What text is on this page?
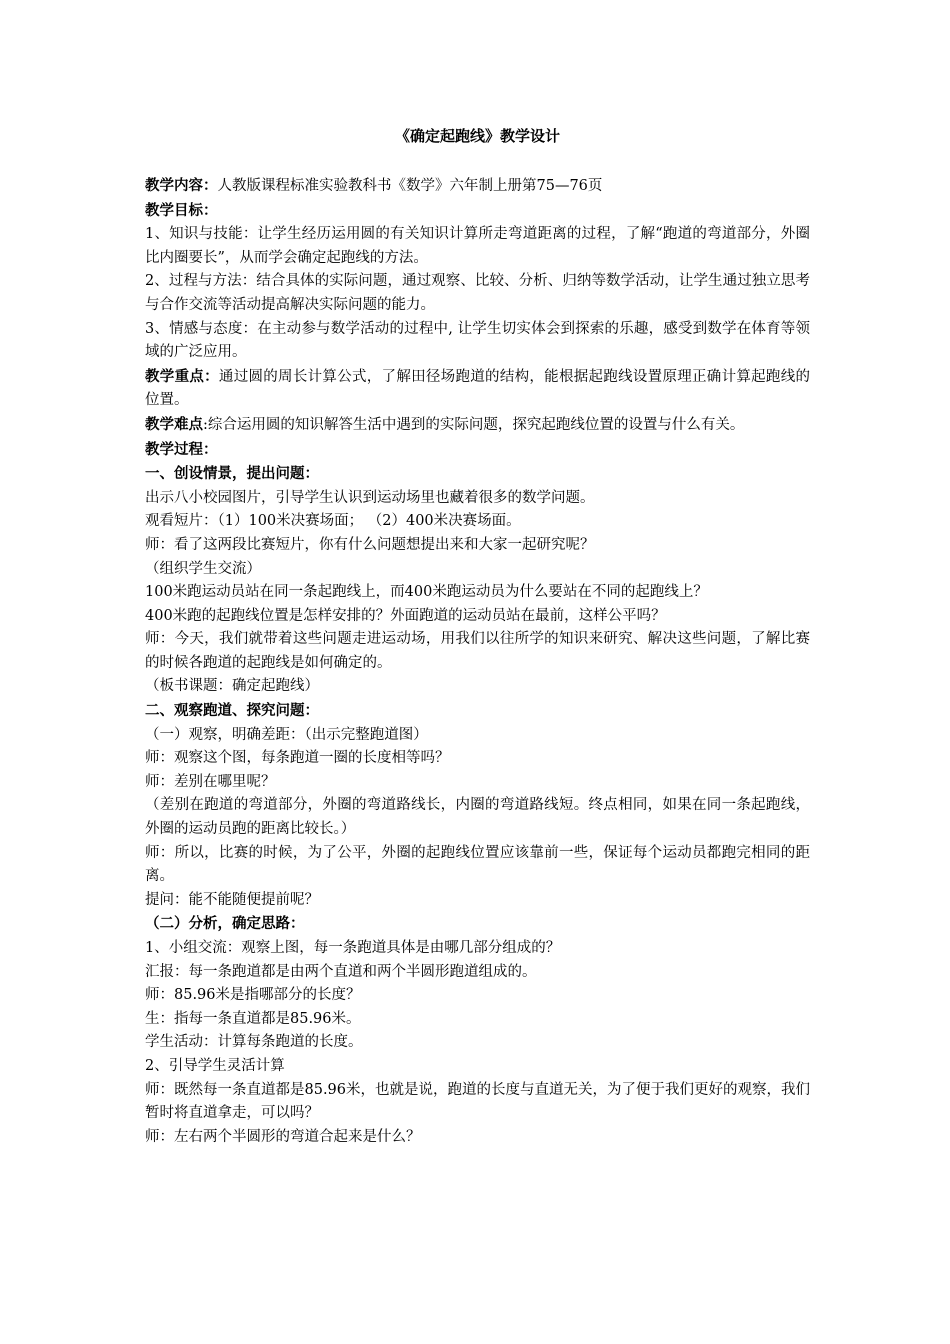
《确定起跑线》教学设计

教学内容：人教版课程标准实验教科书《数学》六年制上册第75—76页

教学目标：

1、知识与技能：让学生经历运用圆的有关知识计算所走弯道距离的过程，了解“跑道的弯道部分，外圈比内圈要长”，从而学会确定起跑线的方法。

2、过程与方法：结合具体的实际问题，通过观察、比较、分析、归纳等数学活动，让学生通过独立思考与合作交流等活动提高解决实际问题的能力。

3、情感与态度：在主动参与数学活动的过程中, 让学生切实体会到探索的乐趣，感受到数学在体育等领域的广泛应用。

教学重点：通过圆的周长计算公式，了解田径场跑道的结构，能根据起跑线设置原理正确计算起跑线的位置。

教学难点:综合运用圆的知识解答生活中遇到的实际问题，探究起跑线位置的设置与什么有关。

教学过程：

一、创设情景，提出问题：

出示八小校园图片，引导学生认识到运动场里也藏着很多的数学问题。

观看短片：（1）100米决赛场面； （2）400米决赛场面。

师：看了这两段比赛短片，你有什么问题想提出来和大家一起研究呢？

（组织学生交流）

100米跑运动员站在同一条起跑线上，而400米跑运动员为什么要站在不同的起跑线上？

400米跑的起跑线位置是怎样安排的？外面跑道的运动员站在最前，这样公平吗？

师：今天，我们就带着这些问题走进运动场，用我们以往所学的知识来研究、解决这些问题，了解比赛的时候各跑道的起跑线是如何确定的。

（板书课题：确定起跑线）

二、观察跑道、探究问题：

（一）观察，明确差距：（出示完整跑道图）

师：观察这个图，每条跑道一圈的长度相等吗？

师：差别在哪里呢？

（差别在跑道的弯道部分，外圈的弯道路线长，内圈的弯道路线短。终点相同，如果在同一条起跑线，外圈的运动员跑的距离比较长。）

师：所以，比赛的时候，为了公平，外圈的起跑线位置应该靠前一些，保证每个运动员都跑完相同的距离。

提问：能不能随便提前呢？

（二）分析，确定思路：

1、小组交流：观察上图，每一条跑道具体是由哪几部分组成的？

汇报：每一条跑道都是由两个直道和两个半圆形跑道组成的。

师：85.96米是指哪部分的长度？

生：指每一条直道都是85.96米。

学生活动：计算每条跑道的长度。

2、引导学生灵活计算

师：既然每一条直道都是85.96米，也就是说，跑道的长度与直道无关，为了便于我们更好的观察，我们暂时将直道拿走，可以吗？

师：左右两个半圆形的弯道合起来是什么？
